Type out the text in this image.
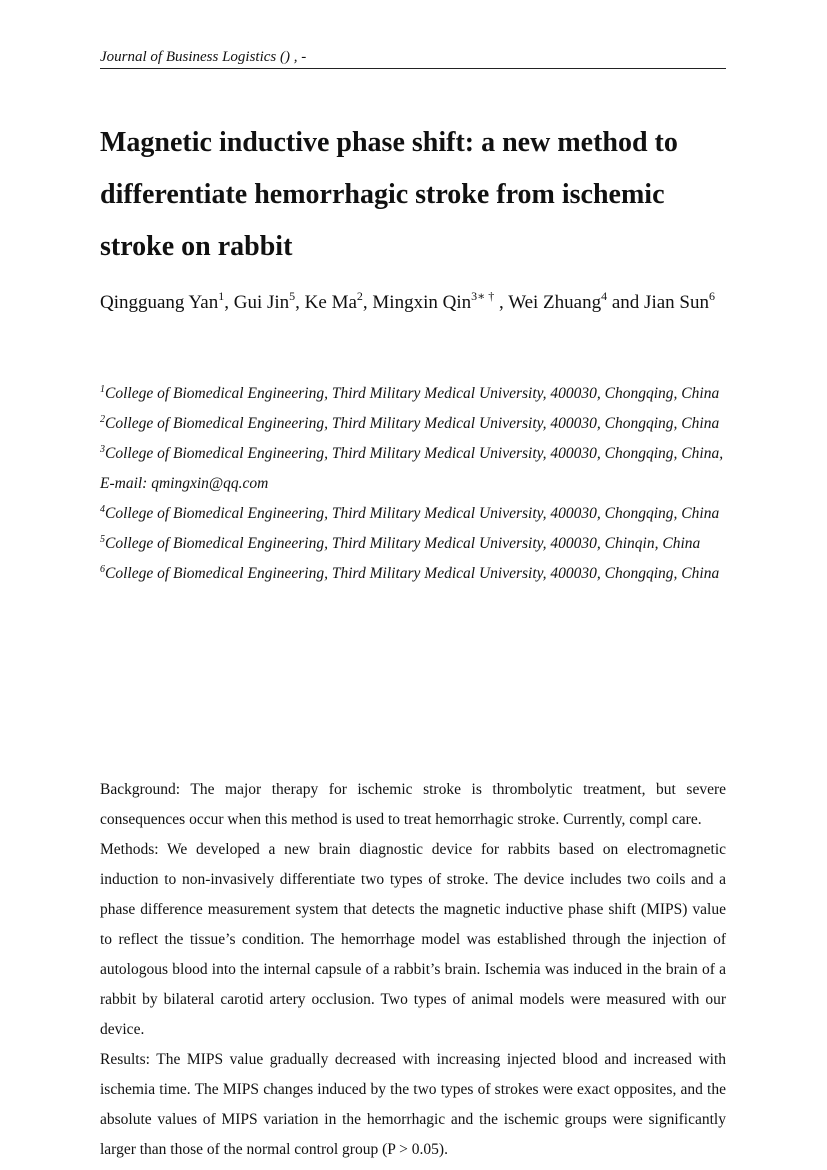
Journal of Business Logistics () , -
Magnetic inductive phase shift: a new method to differentiate hemorrhagic stroke from ischemic stroke on rabbit
Qingguang Yan$^1$, Gui Jin$^5$, Ke Ma$^2$, Mingxin Qin$^{3∗ \dagger}$ , Wei Zhuang$^4$ and Jian Sun$^6$
$^1$College of Biomedical Engineering, Third Military Medical University, 400030, Chongqing, China
$^2$College of Biomedical Engineering, Third Military Medical University, 400030, Chongqing, China
$^3$College of Biomedical Engineering, Third Military Medical University, 400030, Chongqing, China, E-mail: qmingxin@qq.com
$^4$College of Biomedical Engineering, Third Military Medical University, 400030, Chongqing, China
$^5$College of Biomedical Engineering, Third Military Medical University, 400030, Chinqin, China
$^6$College of Biomedical Engineering, Third Military Medical University, 400030, Chongqing, China

Background: The major therapy for ischemic stroke is thrombolytic treatment, but severe consequences occur when this method is used to treat hemorrhagic stroke. Currently, compl care.

Methods: We developed a new brain diagnostic device for rabbits based on electromagnetic induction to non-invasively differentiate two types of stroke. The device includes two coils and a phase difference measurement system that detects the magnetic inductive phase shift (MIPS) value to reflect the tissue’s condition. The hemorrhage model was established through the injection of autologous blood into the internal capsule of a rabbit’s brain. Ischemia was induced in the brain of a rabbit by bilateral carotid artery occlusion. Two types of animal models were measured with our device.

Results: The MIPS value gradually decreased with increasing injected blood and increased with ischemia time. The MIPS changes induced by the two types of strokes were exact opposites, and the absolute values of MIPS variation in the hemorrhagic and the ischemic groups were significantly larger than those of the normal control group (P > 0.05).
